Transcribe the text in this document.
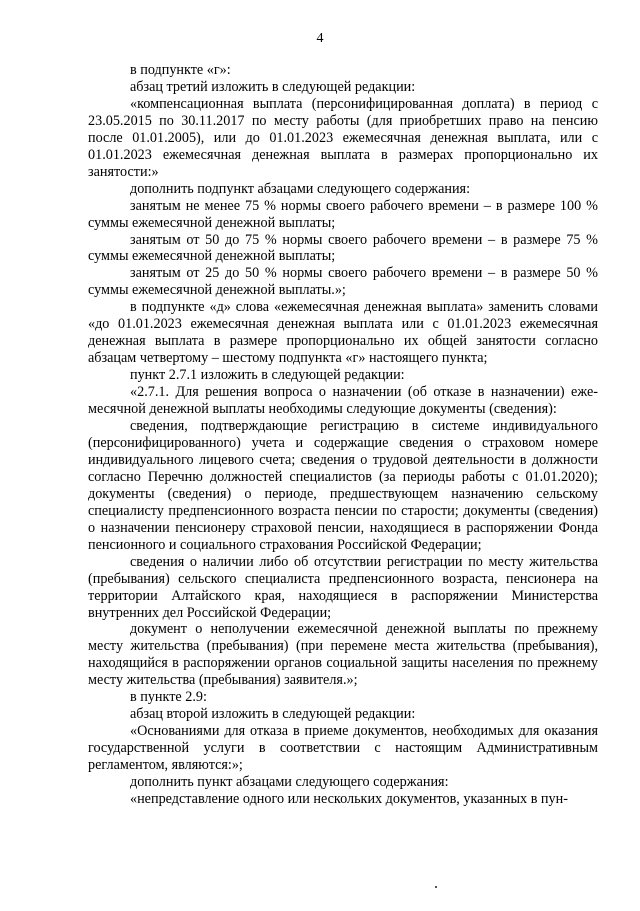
4

в подпункте «г»:

абзац третий изложить в следующей редакции:

«компенсационная выплата (персонифицированная доплата) в период с 23.05.2015 по 30.11.2017 по месту работы (для приобретших право на пенсию после 01.01.2005), или до 01.01.2023 ежемесячная денежная выплата, или с 01.01.2023 ежемесячная денежная выплата в размерах пропорционально их занятости:»

дополнить подпункт абзацами следующего содержания:

занятым не менее 75 % нормы своего рабочего времени – в размере 100 % суммы ежемесячной денежной выплаты;

занятым от 50 до 75 % нормы своего рабочего времени – в размере 75 % суммы ежемесячной денежной выплаты;

занятым от 25 до 50 % нормы своего рабочего времени – в размере 50 % суммы ежемесячной денежной выплаты.»;

в подпункте «д» слова «ежемесячная денежная выплата» заменить словами «до 01.01.2023 ежемесячная денежная выплата или с 01.01.2023 ежемесячная денежная выплата в размере пропорционально их общей занятости согласно абзацам четвертому – шестому подпункта «г» настоящего пункта;

пункт 2.7.1 изложить в следующей редакции:

«2.7.1. Для решения вопроса о назначении (об отказе в назначении) ежемесячной денежной выплаты необходимы следующие документы (сведения):

сведения, подтверждающие регистрацию в системе индивидуального (персонифицированного) учета и содержащие сведения о страховом номере индивидуального лицевого счета; сведения о трудовой деятельности в должности согласно Перечню должностей специалистов (за периоды работы с 01.01.2020); документы (сведения) о периоде, предшествующем назначению сельскому специалисту предпенсионного возраста пенсии по старости; документы (сведения) о назначении пенсионеру страховой пенсии, находящиеся в распоряжении Фонда пенсионного и социального страхования Российской Федерации;

сведения о наличии либо об отсутствии регистрации по месту жительства (пребывания) сельского специалиста предпенсионного возраста, пенсионера на территории Алтайского края, находящиеся в распоряжении Министерства внутренних дел Российской Федерации;

документ о неполучении ежемесячной денежной выплаты по прежнему месту жительства (пребывания) (при перемене места жительства (пребывания), находящийся в распоряжении органов социальной защиты населения по прежнему месту жительства (пребывания) заявителя.»;

в пункте 2.9:

абзац второй изложить в следующей редакции:

«Основаниями для отказа в приеме документов, необходимых для оказания государственной услуги в соответствии с настоящим Административным регламентом, являются:»;

дополнить пункт абзацами следующего содержания:

«непредставление одного или нескольких документов, указанных в пун-
